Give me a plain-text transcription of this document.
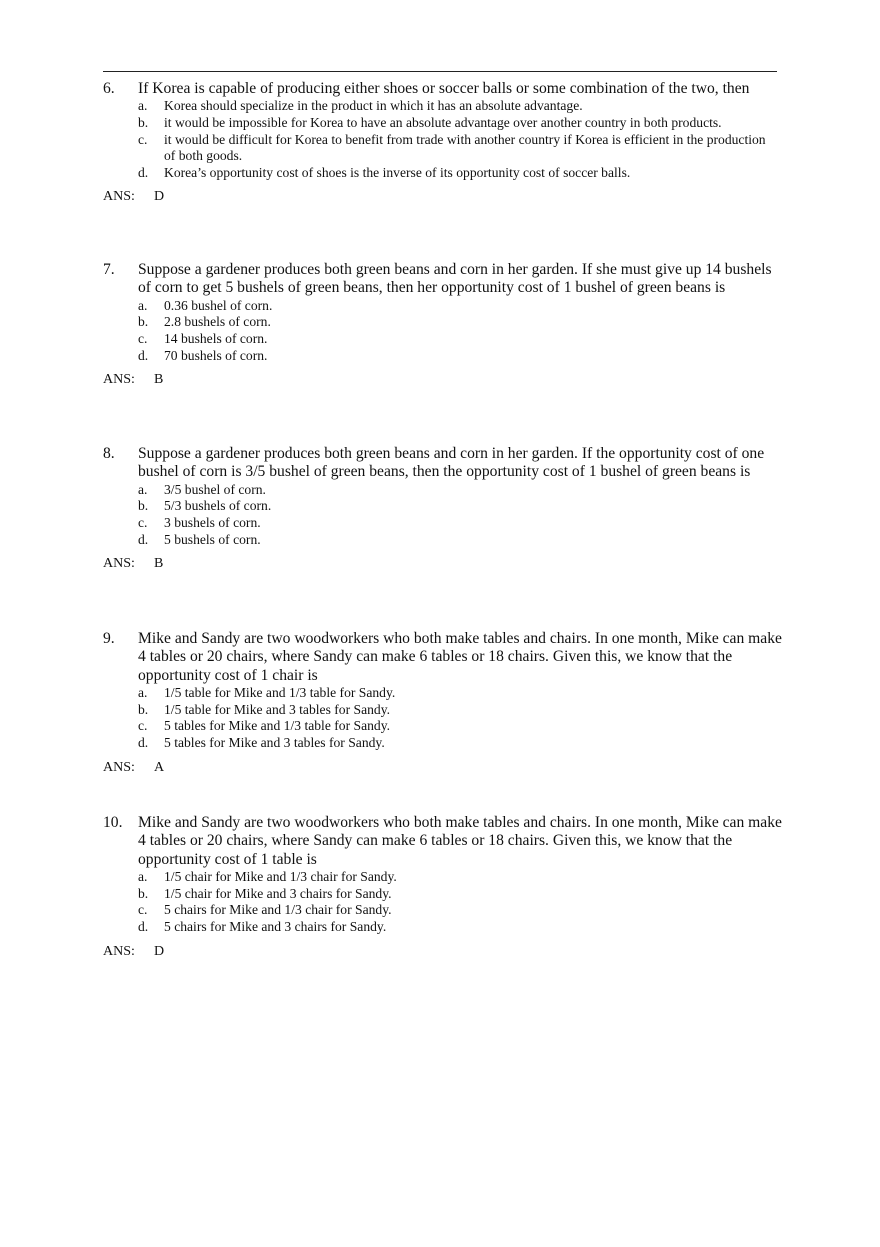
6. If Korea is capable of producing either shoes or soccer balls or some combination of the two, then
a. Korea should specialize in the product in which it has an absolute advantage.
b. it would be impossible for Korea to have an absolute advantage over another country in both products.
c. it would be difficult for Korea to benefit from trade with another country if Korea is efficient in the production of both goods.
d. Korea’s opportunity cost of shoes is the inverse of its opportunity cost of soccer balls.
ANS: D
7. Suppose a gardener produces both green beans and corn in her garden. If she must give up 14 bushels of corn to get 5 bushels of green beans, then her opportunity cost of 1 bushel of green beans is
a. 0.36 bushel of corn.
b. 2.8 bushels of corn.
c. 14 bushels of corn.
d. 70 bushels of corn.
ANS: B
8. Suppose a gardener produces both green beans and corn in her garden. If the opportunity cost of one bushel of corn is 3/5 bushel of green beans, then the opportunity cost of 1 bushel of green beans is
a. 3/5 bushel of corn.
b. 5/3 bushels of corn.
c. 3 bushels of corn.
d. 5 bushels of corn.
ANS: B
9. Mike and Sandy are two woodworkers who both make tables and chairs. In one month, Mike can make 4 tables or 20 chairs, where Sandy can make 6 tables or 18 chairs. Given this, we know that the opportunity cost of 1 chair is
a. 1/5 table for Mike and 1/3 table for Sandy.
b. 1/5 table for Mike and 3 tables for Sandy.
c. 5 tables for Mike and 1/3 table for Sandy.
d. 5 tables for Mike and 3 tables for Sandy.
ANS: A
10. Mike and Sandy are two woodworkers who both make tables and chairs. In one month, Mike can make 4 tables or 20 chairs, where Sandy can make 6 tables or 18 chairs. Given this, we know that the opportunity cost of 1 table is
a. 1/5 chair for Mike and 1/3 chair for Sandy.
b. 1/5 chair for Mike and 3 chairs for Sandy.
c. 5 chairs for Mike and 1/3 chair for Sandy.
d. 5 chairs for Mike and 3 chairs for Sandy.
ANS: D
